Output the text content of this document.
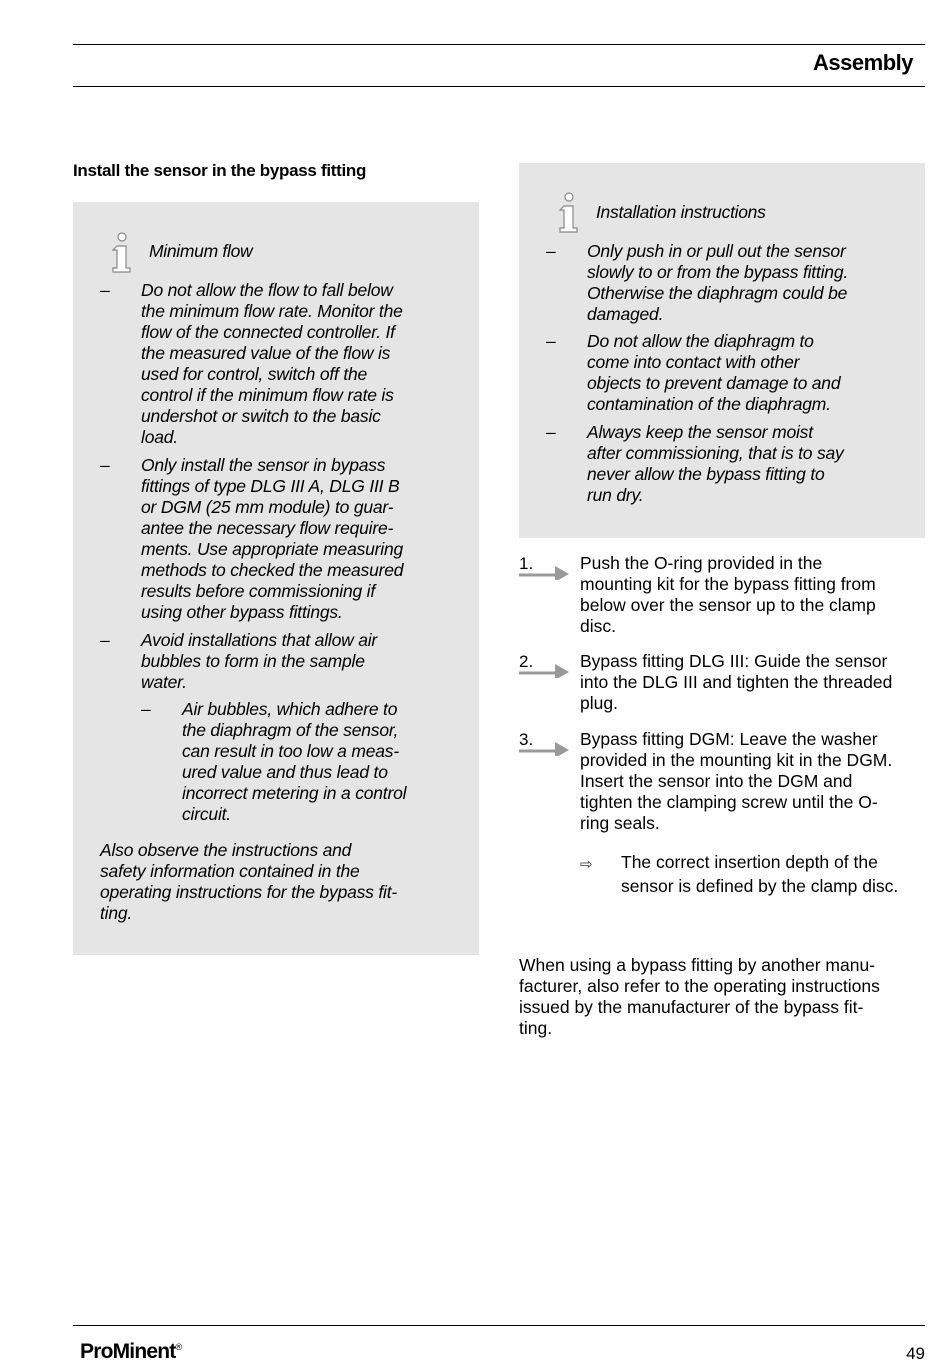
Assembly
Install the sensor in the bypass fitting
Minimum flow
– Do not allow the flow to fall below
the minimum flow rate. Monitor the
flow of the connected controller. If
the measured value of the flow is
used for control, switch off the
control if the minimum flow rate is
undershot or switch to the basic
load.
– Only install the sensor in bypass
fittings of type DLG III A, DLG III B
or DGM (25 mm module) to guar-
antee the necessary flow require-
ments. Use appropriate measuring
methods to checked the measured
results before commissioning if
using other bypass fittings.
– Avoid installations that allow air
bubbles to form in the sample
water.
– Air bubbles, which adhere to
the diaphragm of the sensor,
can result in too low a meas-
ured value and thus lead to
incorrect metering in a control
circuit.
Also observe the instructions and
safety information contained in the
operating instructions for the bypass fit-
ting.
Installation instructions
– Only push in or pull out the sensor
slowly to or from the bypass fitting.
Otherwise the diaphragm could be
damaged.
– Do not allow the diaphragm to
come into contact with other
objects to prevent damage to and
contamination of the diaphragm.
– Always keep the sensor moist
after commissioning, that is to say
never allow the bypass fitting to
run dry.
1.	Push the O-ring provided in the
mounting kit for the bypass fitting from
below over the sensor up to the clamp
disc.
2.	Bypass fitting DLG III: Guide the sensor
into the DLG III and tighten the threaded
plug.
3.	Bypass fitting DGM: Leave the washer
provided in the mounting kit in the DGM.
Insert the sensor into the DGM and
tighten the clamping screw until the O-
ring seals.
⇨ The correct insertion depth of the
sensor is defined by the clamp disc.
When using a bypass fitting by another manu-
facturer, also refer to the operating instructions
issued by the manufacturer of the bypass fit-
ting.
ProMinent®	49
